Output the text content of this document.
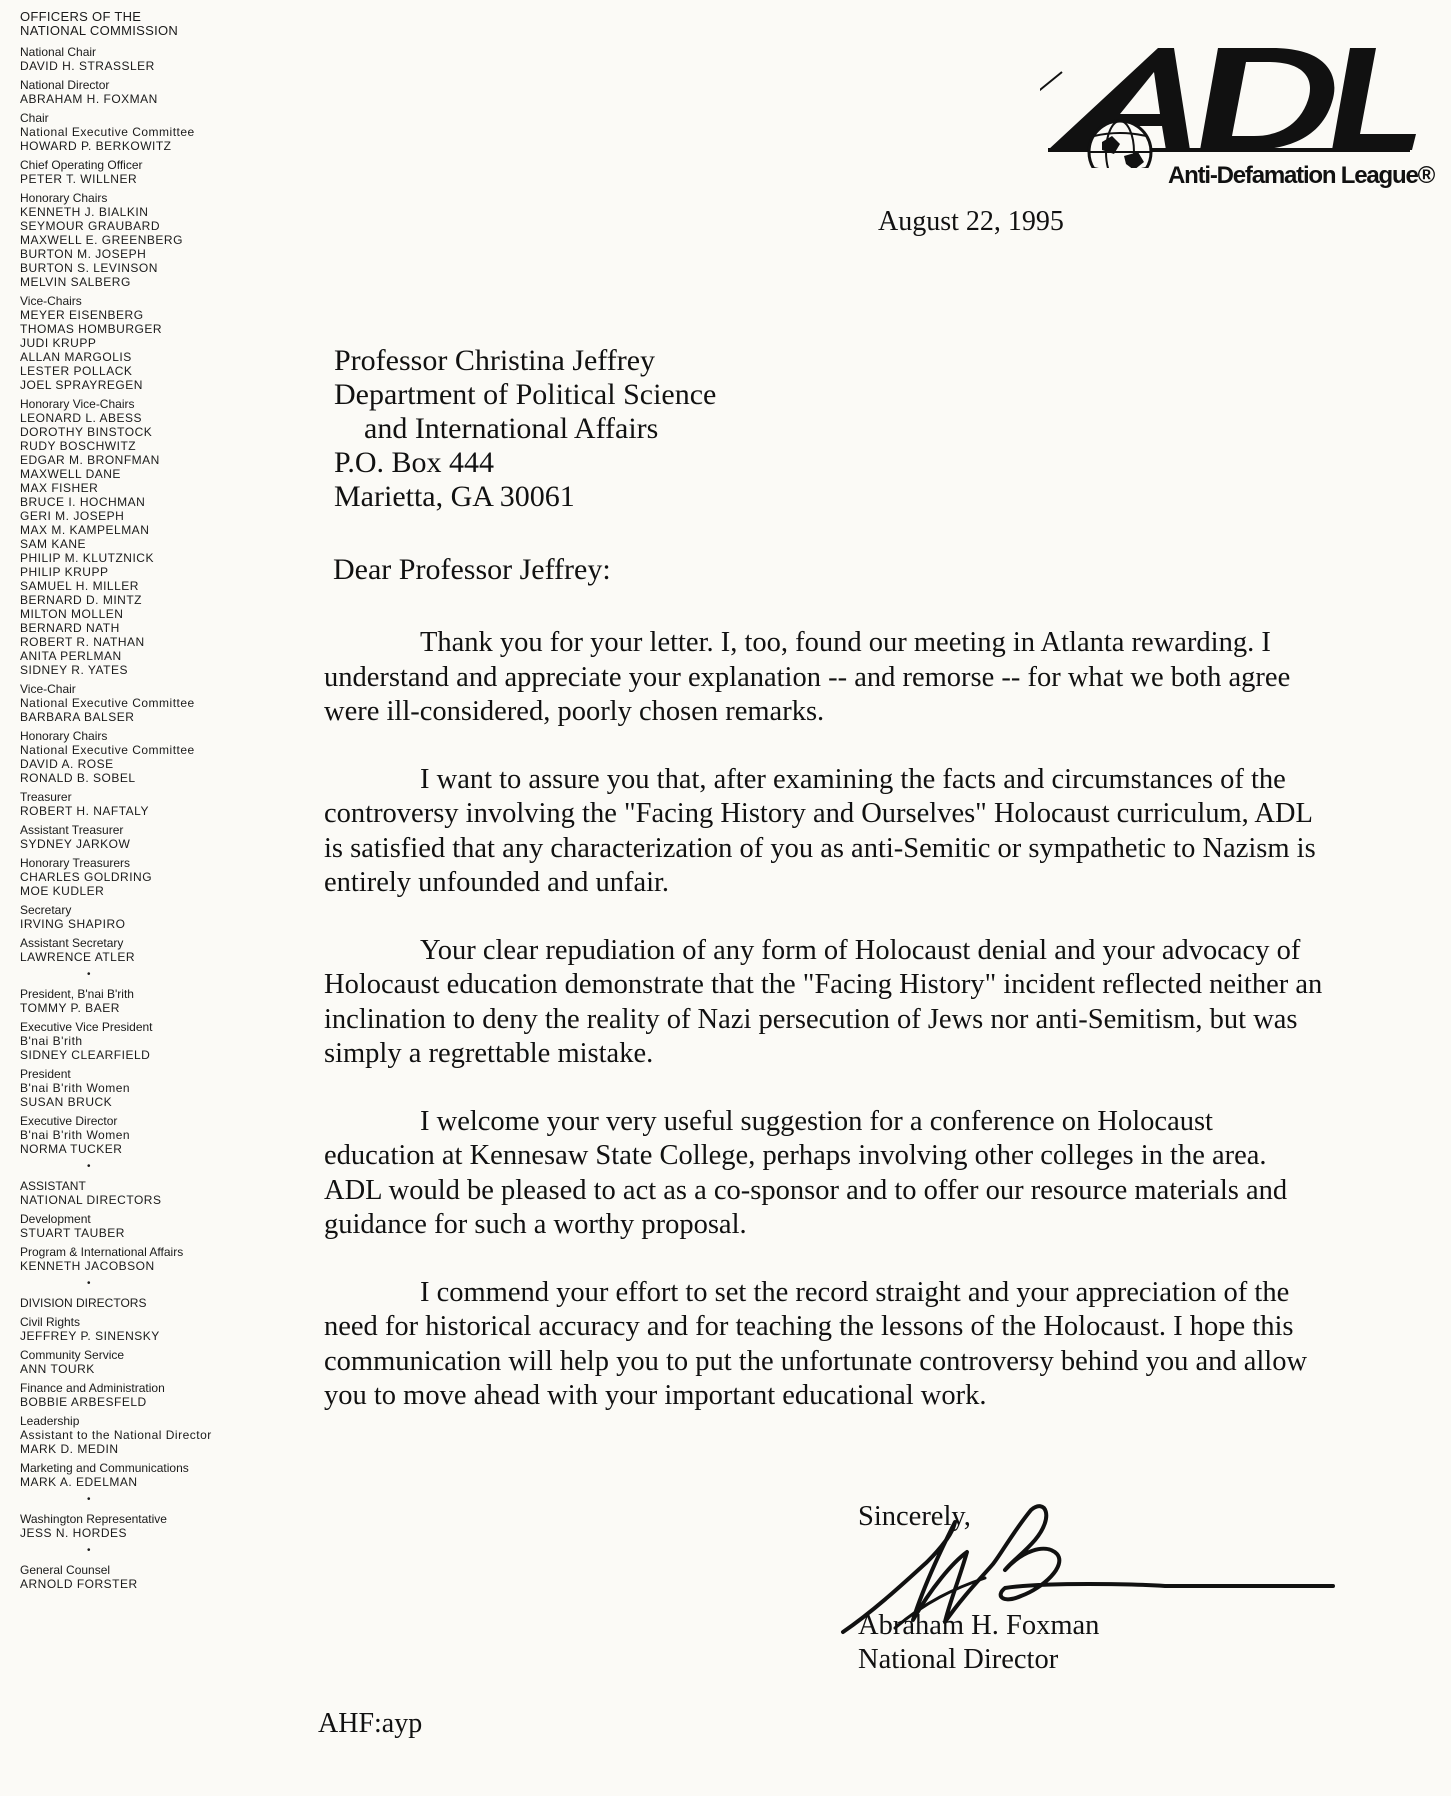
OFFICERS OF THE
NATIONAL COMMISSION
National Chair
DAVID H. STRASSLER
National Director
ABRAHAM H. FOXMAN
Chair
National Executive Committee
HOWARD P. BERKOWITZ
Chief Operating Officer
PETER T. WILLNER
Honorary Chairs
KENNETH J. BIALKIN
SEYMOUR GRAUBARD
MAXWELL E. GREENBERG
BURTON M. JOSEPH
BURTON S. LEVINSON
MELVIN SALBERG
Vice-Chairs
MEYER EISENBERG
THOMAS HOMBURGER
JUDI KRUPP
ALLAN MARGOLIS
LESTER POLLACK
JOEL SPRAYREGEN
Honorary Vice-Chairs
LEONARD L. ABESS
DOROTHY BINSTOCK
RUDY BOSCHWITZ
EDGAR M. BRONFMAN
MAXWELL DANE
MAX FISHER
BRUCE I. HOCHMAN
GERI M. JOSEPH
MAX M. KAMPELMAN
SAM KANE
PHILIP M. KLUTZNICK
PHILIP KRUPP
SAMUEL H. MILLER
BERNARD D. MINTZ
MILTON MOLLEN
BERNARD NATH
ROBERT R. NATHAN
ANITA PERLMAN
SIDNEY R. YATES
Vice-Chair
National Executive Committee
BARBARA BALSER
Honorary Chairs
National Executive Committee
DAVID A. ROSE
RONALD B. SOBEL
Treasurer
ROBERT H. NAFTALY
Assistant Treasurer
SYDNEY JARKOW
Honorary Treasurers
CHARLES GOLDRING
MOE KUDLER
Secretary
IRVING SHAPIRO
Assistant Secretary
LAWRENCE ATLER
•
President, B'nai B'rith
TOMMY P. BAER
Executive Vice President
B'nai B'rith
SIDNEY CLEARFIELD
President
B'nai B'rith Women
SUSAN BRUCK
Executive Director
B'nai B'rith Women
NORMA TUCKER
•
ASSISTANT
NATIONAL DIRECTORS
Development
STUART TAUBER
Program & International Affairs
KENNETH JACOBSON
•
DIVISION DIRECTORS
Civil Rights
JEFFREY P. SINENSKY
Community Service
ANN TOURK
Finance and Administration
BOBBIE ARBESFELD
Leadership
Assistant to the National Director
MARK D. MEDIN
Marketing and Communications
MARK A. EDELMAN
•
Washington Representative
JESS N. HORDES
•
General Counsel
ARNOLD FORSTER
Anti-Defamation League®
August 22, 1995
Professor Christina Jeffrey
Department of Political Science
and International Affairs
P.O. Box 444
Marietta, GA 30061
Dear Professor Jeffrey:

Thank you for your letter. I, too, found our meeting in Atlanta rewarding. I understand and appreciate your explanation -- and remorse -- for what we both agree were ill-considered, poorly chosen remarks.

I want to assure you that, after examining the facts and circumstances of the controversy involving the "Facing History and Ourselves" Holocaust curriculum, ADL is satisfied that any characterization of you as anti-Semitic or sympathetic to Nazism is entirely unfounded and unfair.

Your clear repudiation of any form of Holocaust denial and your advocacy of Holocaust education demonstrate that the "Facing History" incident reflected neither an inclination to deny the reality of Nazi persecution of Jews nor anti-Semitism, but was simply a regrettable mistake.

I welcome your very useful suggestion for a conference on Holocaust education at Kennesaw State College, perhaps involving other colleges in the area. ADL would be pleased to act as a co-sponsor and to offer our resource materials and guidance for such a worthy proposal.

I commend your effort to set the record straight and your appreciation of the need for historical accuracy and for teaching the lessons of the Holocaust. I hope this communication will help you to put the unfortunate controversy behind you and allow you to move ahead with your important educational work.

Sincerely,
Abraham H. Foxman
National Director
AHF:ayp
